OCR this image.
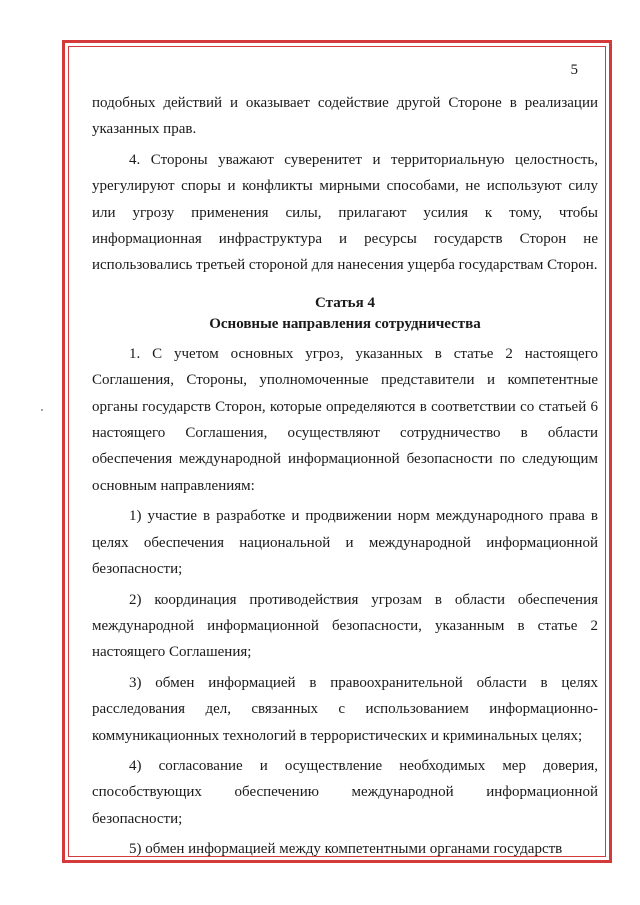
5

подобных действий и оказывает содействие другой Стороне в реализации указанных прав.

4. Стороны уважают суверенитет и территориальную целостность, урегулируют споры и конфликты мирными способами, не используют силу или угрозу применения силы, прилагают усилия к тому, чтобы информационная инфраструктура и ресурсы государств Сторон не использовались третьей стороной для нанесения ущерба государствам Сторон.

Статья 4

Основные направления сотрудничества

1. С учетом основных угроз, указанных в статье 2 настоящего Соглашения, Стороны, уполномоченные представители и компетентные органы государств Сторон, которые определяются в соответствии со статьей 6 настоящего Соглашения, осуществляют сотрудничество в области обеспечения международной информационной безопасности по следующим основным направлениям:

1) участие в разработке и продвижении норм международного права в целях обеспечения национальной и международной информационной безопасности;

2) координация противодействия угрозам в области обеспечения международной информационной безопасности, указанным в статье 2 настоящего Соглашения;

3) обмен информацией в правоохранительной области в целях расследования дел, связанных с использованием информационно-коммуникационных технологий в террористических и криминальных целях;

4) согласование и осуществление необходимых мер доверия, способствующих обеспечению международной информационной безопасности;

5) обмен информацией между компетентными органами государств
